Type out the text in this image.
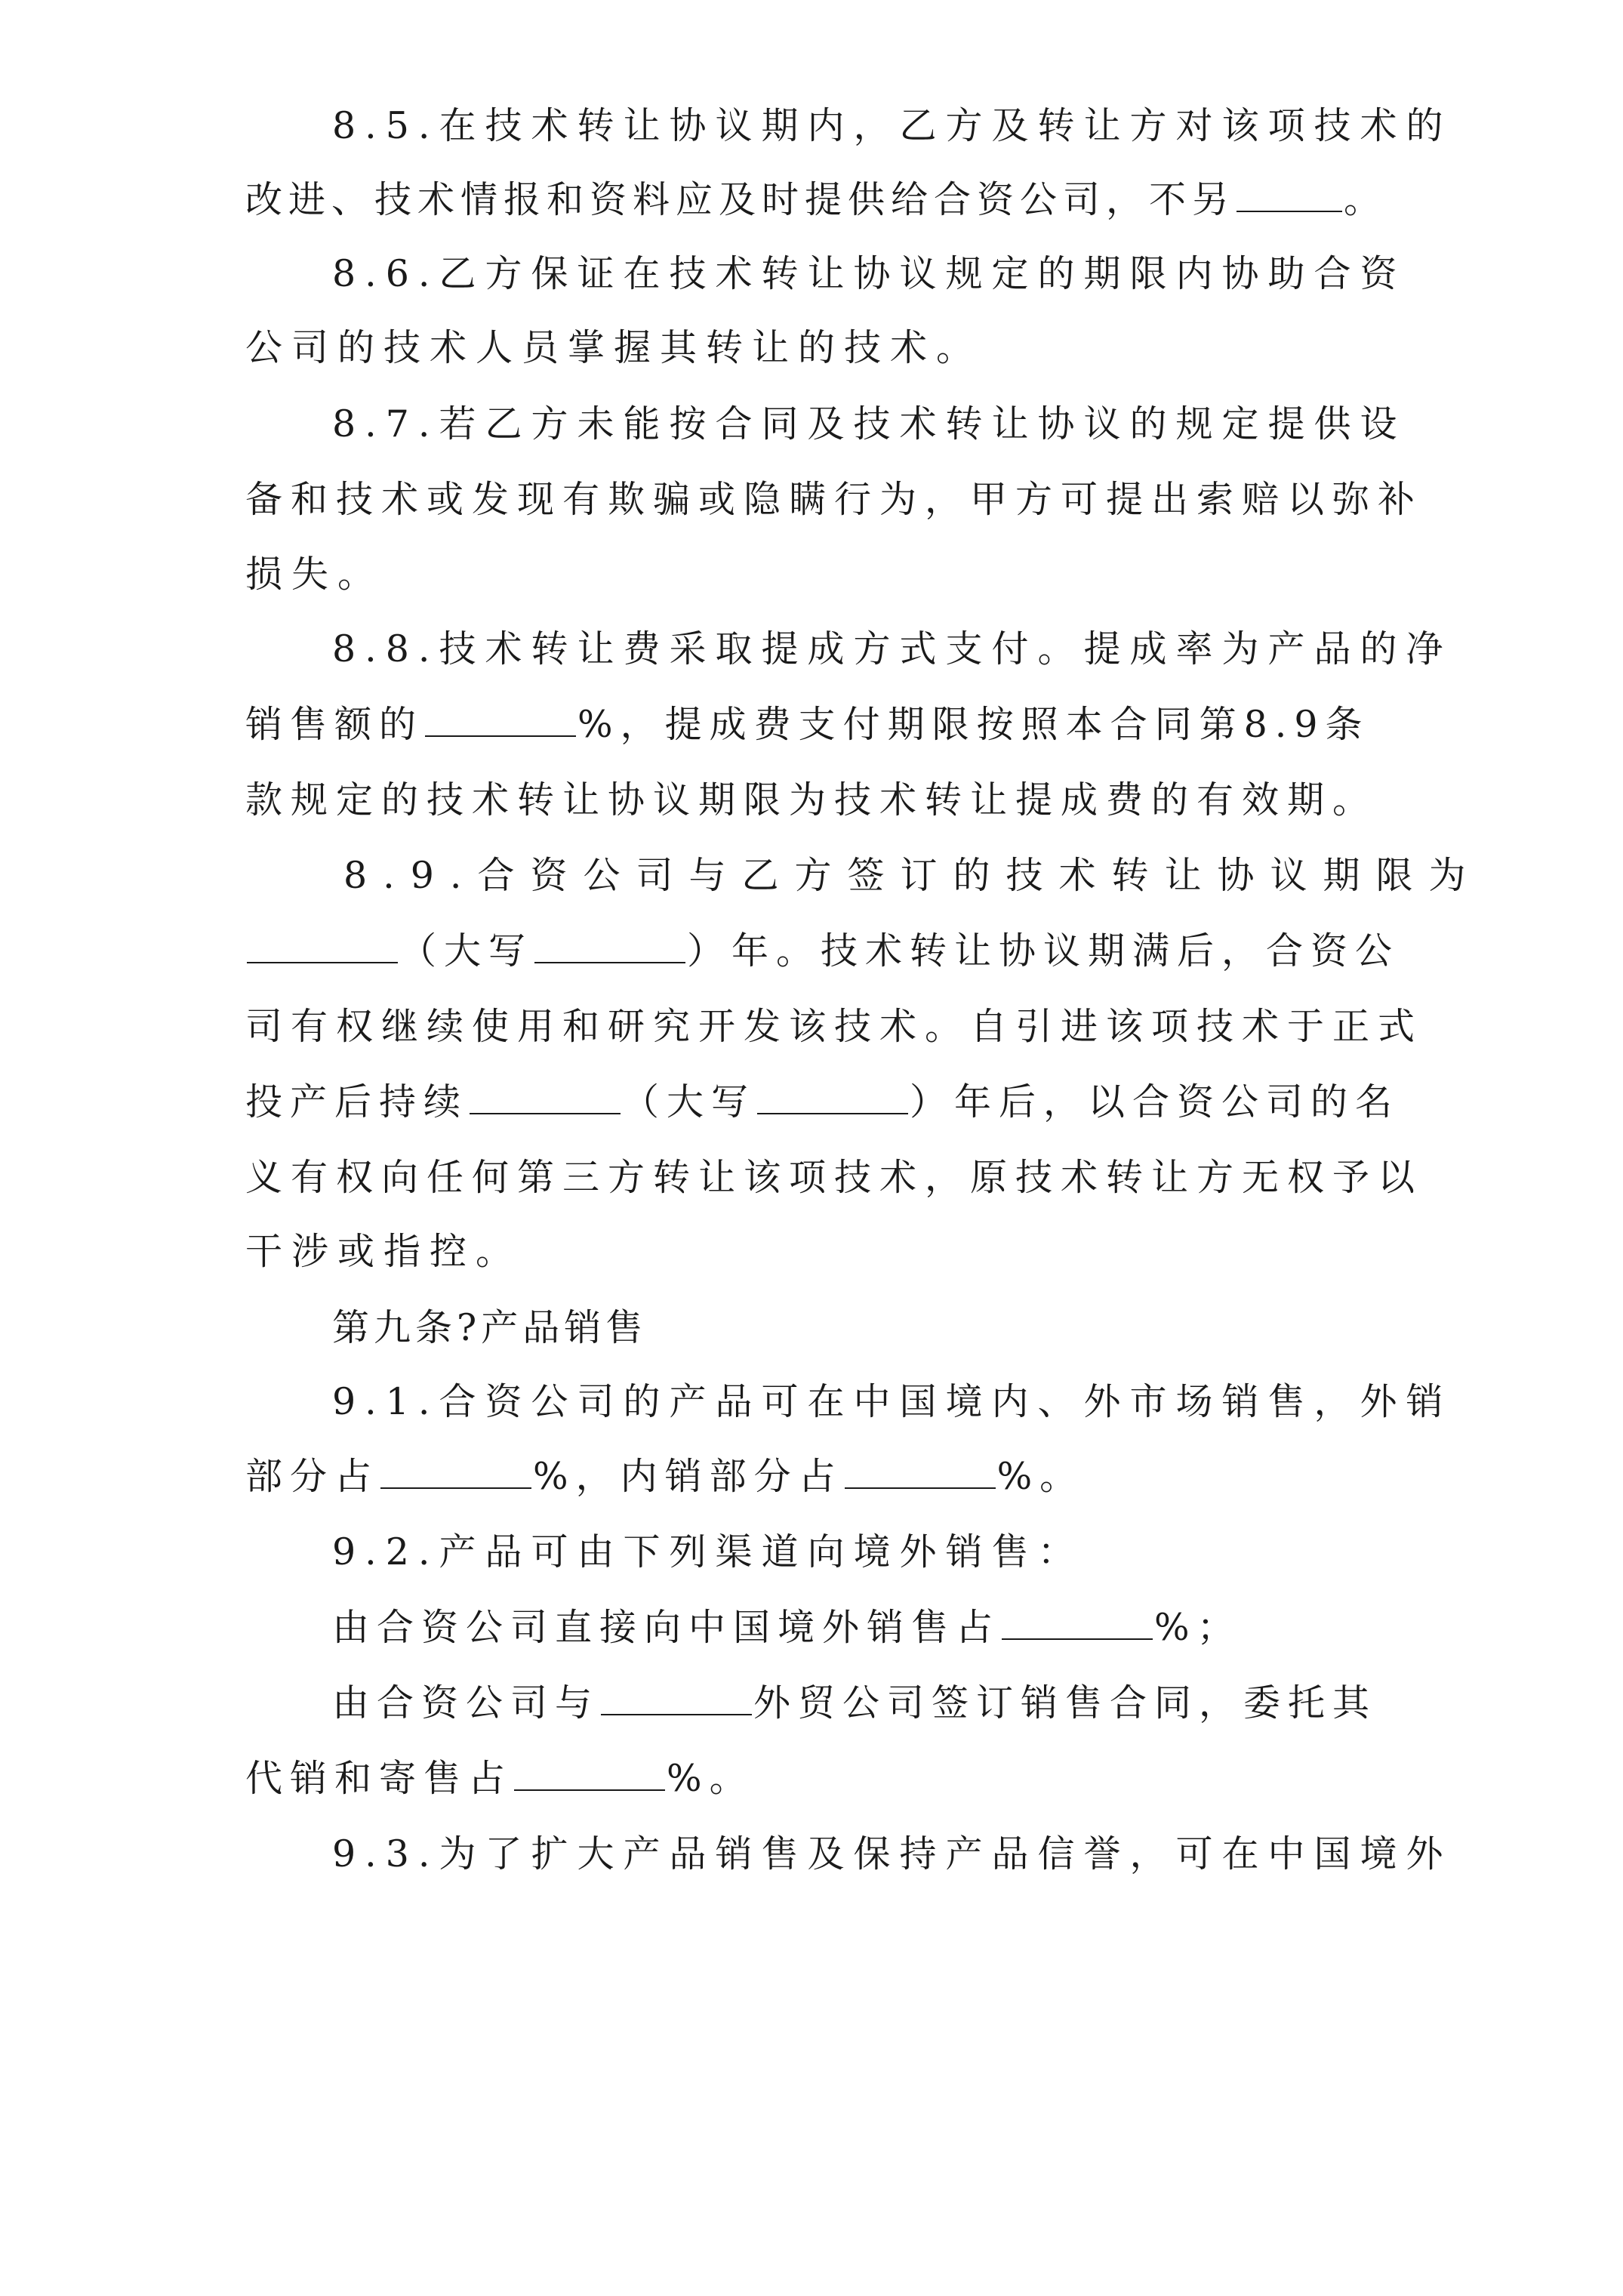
8.5.在技术转让协议期内，乙方及转让方对该项技术的
改进、技术情报和资料应及时提供给合资公司，不另	。
8.6.乙方保证在技术转让协议规定的期限内协助合资
公司的技术人员掌握其转让的技术。
8.7.若乙方未能按合同及技术转让协议的规定提供设
备和技术或发现有欺骗或隐瞒行为，甲方可提出索赔以弥补
损失。
8.8.技术转让费采取提成方式支付。提成率为产品的净
销售额的	%，提成费支付期限按照本合同第8.9条
款规定的技术转让协议期限为技术转让提成费的有效期。
8.9.合资公司与乙方签订的技术转让协议期限为
（大写	）年。技术转让协议期满后，合资公
司有权继续使用和研究开发该技术。自引进该项技术于正式
投产后持续	（大写	）年后，以合资公司的名
义有权向任何第三方转让该项技术，原技术转让方无权予以
干涉或指控。
第九条?产品销售
9.1.合资公司的产品可在中国境内、外市场销售，外销
部分占	%，内销部分占	%。
9.2.产品可由下列渠道向境外销售：
由合资公司直接向中国境外销售占	%；
由合资公司与	外贸公司签订销售合同，委托其
代销和寄售占	%。
9.3.为了扩大产品销售及保持产品信誉，可在中国境外
